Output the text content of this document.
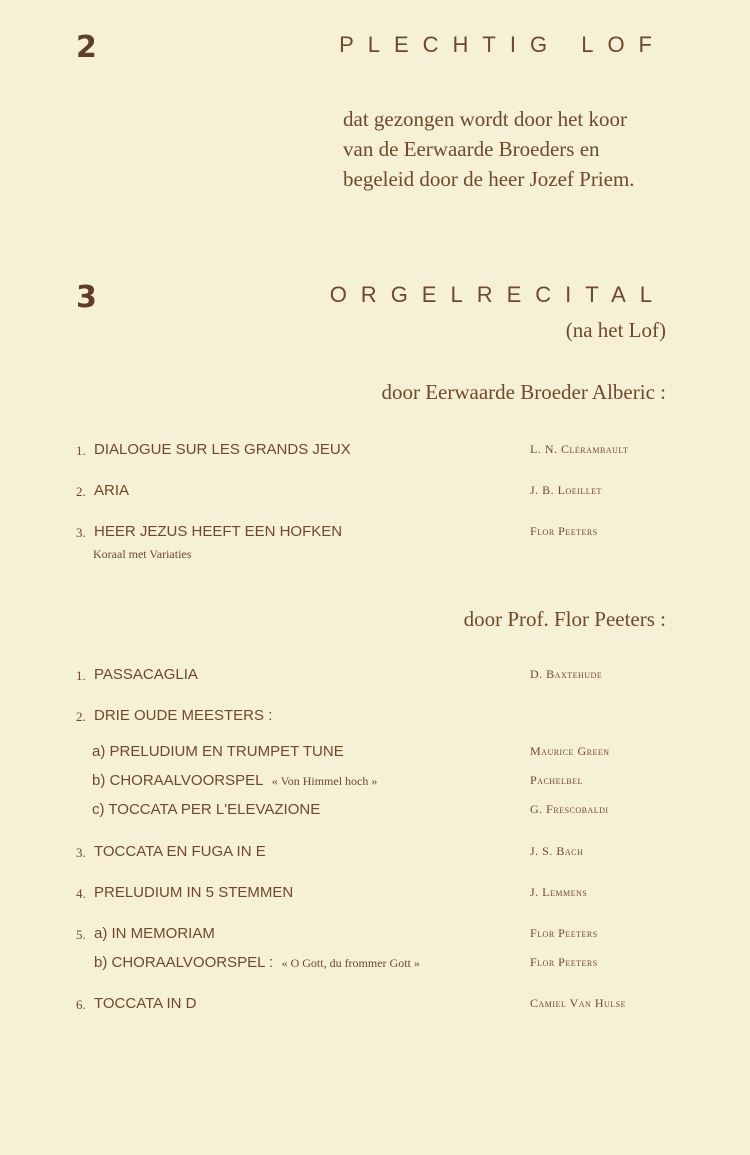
2	PLECHTIG LOF
dat gezongen wordt door het koor
van de Eerwaarde Broeders en
begeleid door de heer Jozef Priem.
3	ORGELRECITAL
(na het Lof)
door Eerwaarde Broeder Alberic :
1. DIALOGUE SUR LES GRANDS JEUX	L. N. Clérambault
2. ARIA	J. B. Loeillet
3. HEER JEZUS HEEFT EEN HOFKEN	Flor Peeters
Koraal met Variaties
door Prof. Flor Peeters :
1. PASSACAGLIA	D. Baxtehude
2. DRIE OUDE MEESTERS :
a) PRELUDIUM EN TRUMPET TUNE	Maurice Green
b) CHORAALVOORSPEL « Von Himmel hoch »	Pachelbel
c) TOCCATA PER L'ELEVAZIONE	G. Frescobaldi
3. TOCCATA EN FUGA IN E	J. S. Bach
4. PRELUDIUM IN 5 STEMMEN	J. Lemmens
5. a) IN MEMORIAM	Flor Peeters
b) CHORAALVOORSPEL : « O Gott, du frommer Gott »	Flor Peeters
6. TOCCATA IN D	Camiel Van Hulse
